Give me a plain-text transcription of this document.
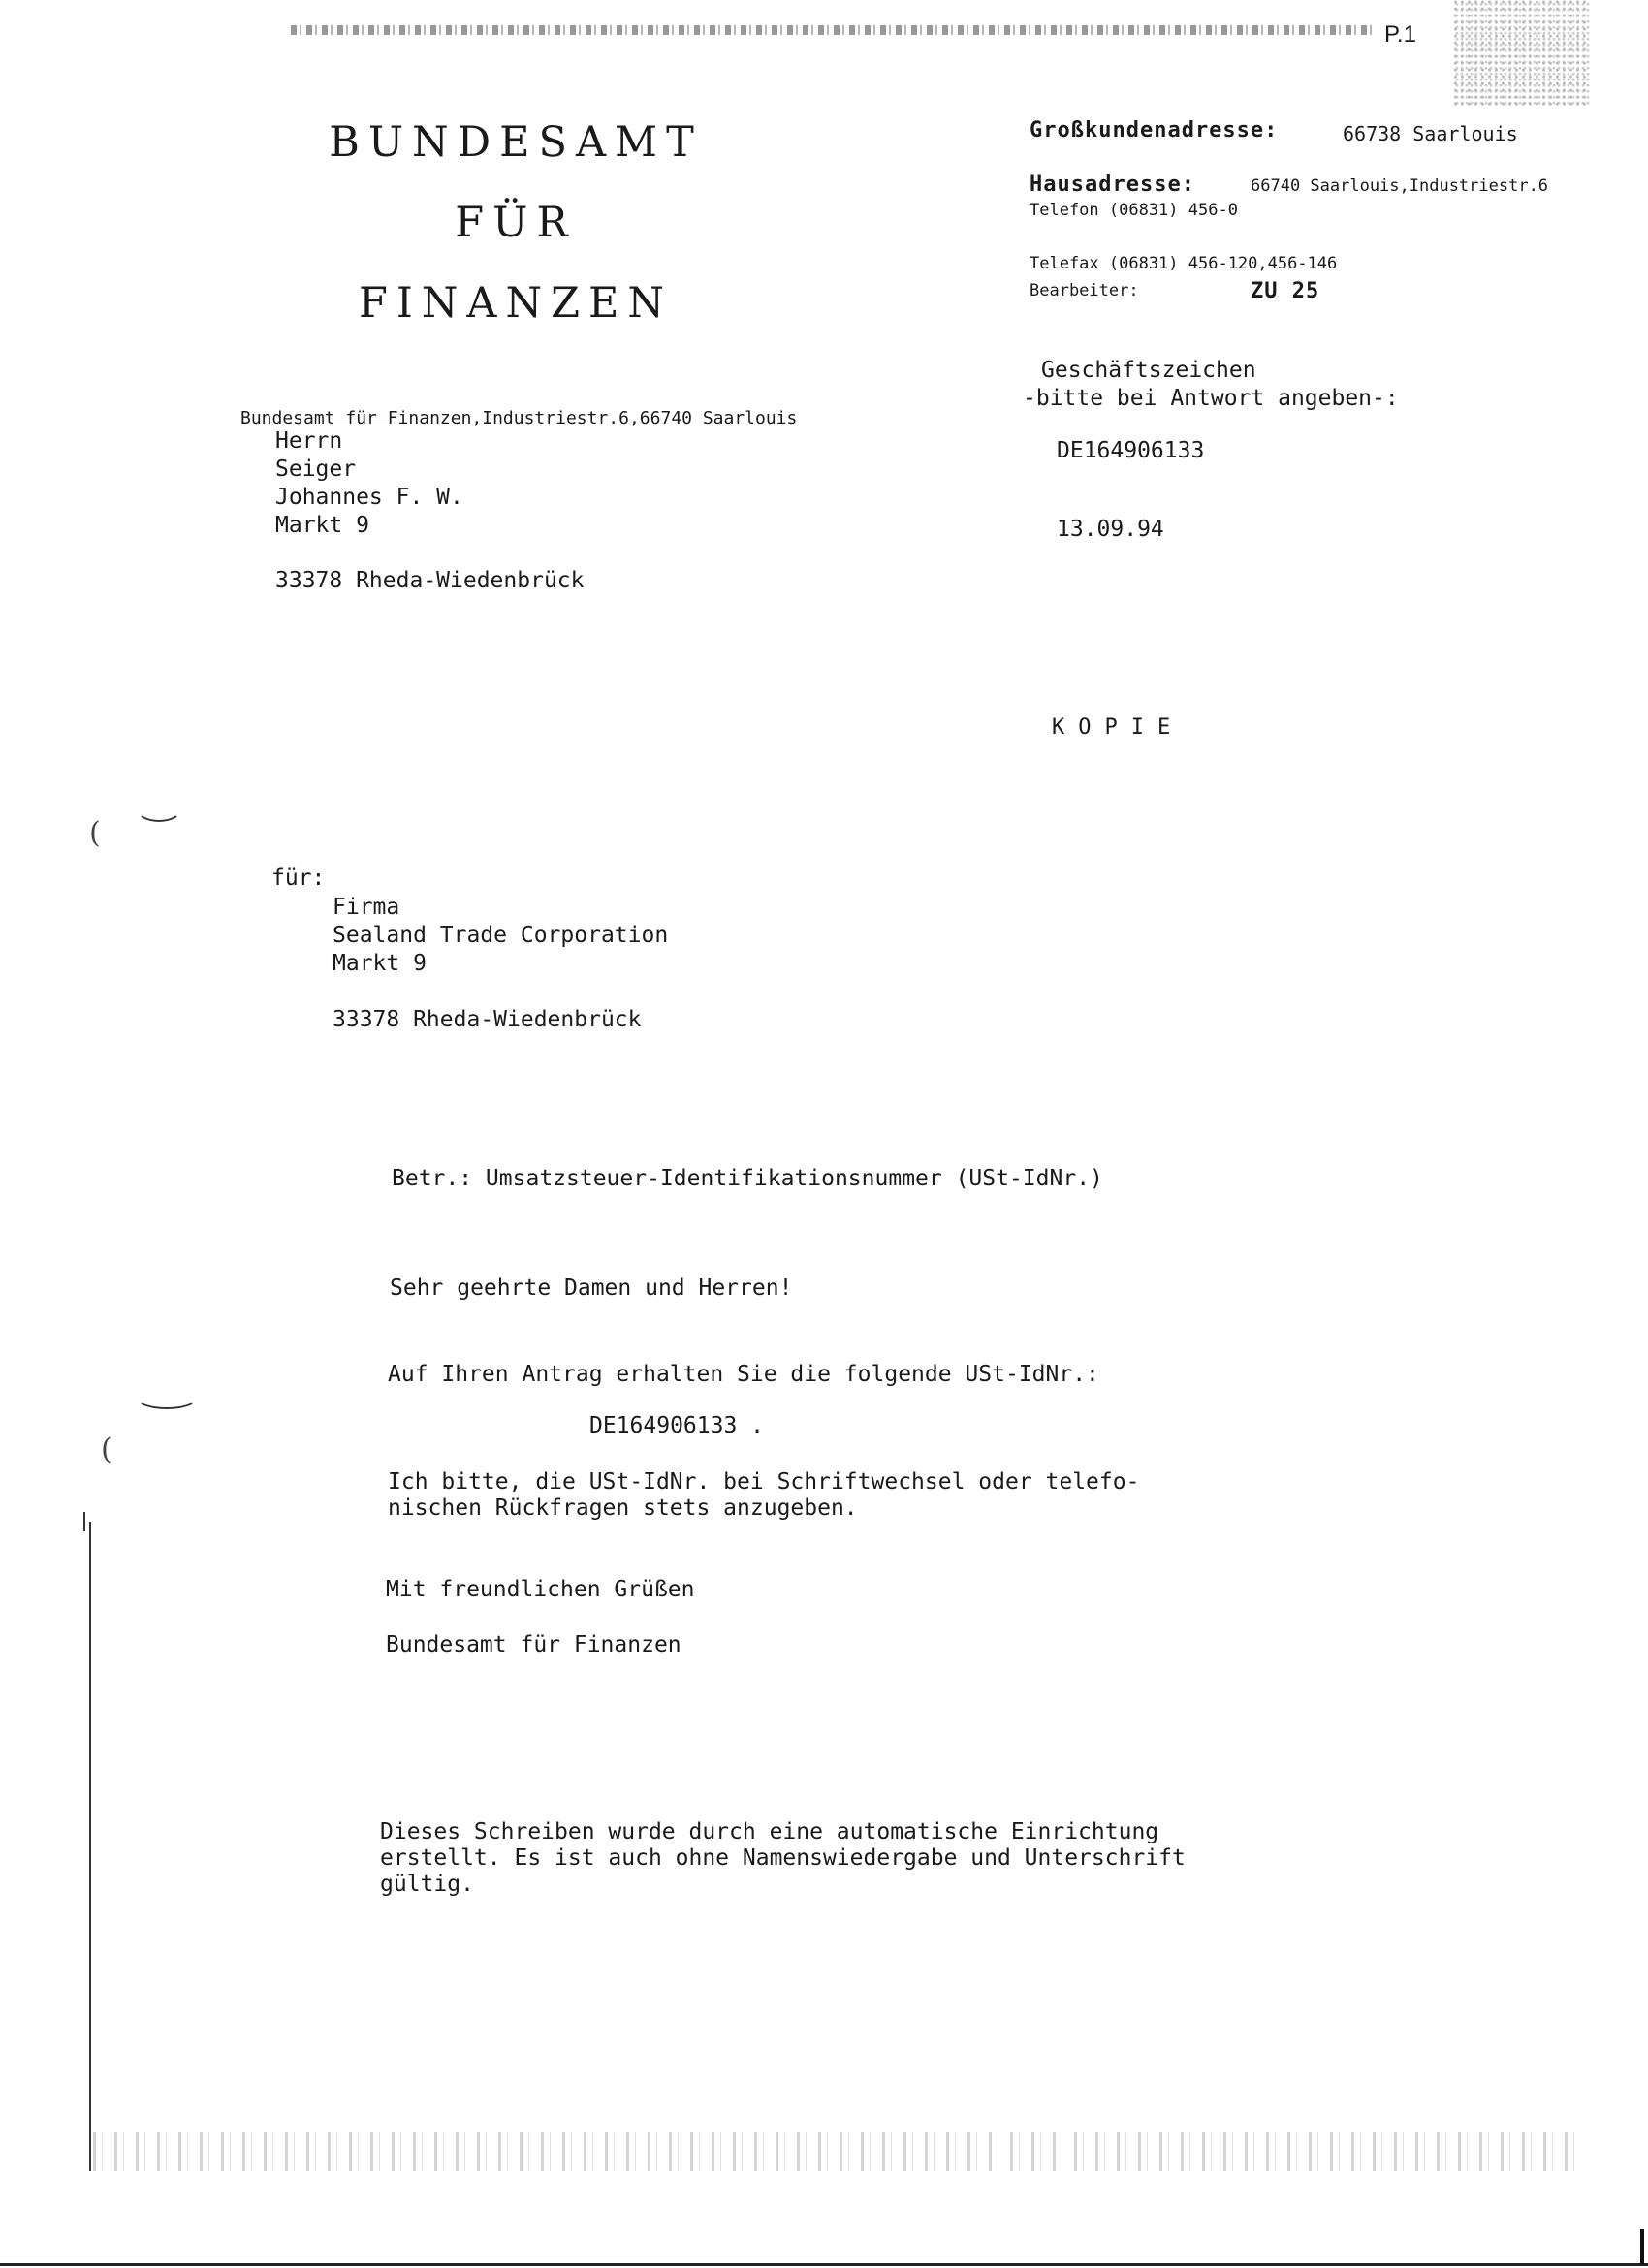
P.1
BUNDESAMT
FÜR
FINANZEN
Großkundenadresse:	66738 Saarlouis
Hausadresse:	66740 Saarlouis,Industriestr.6
Telefon (06831) 456-0
Telefax (06831) 456-120,456-146
Bearbeiter:	ZU 25
Geschäftszeichen
-bitte bei Antwort angeben-:
DE164906133
13.09.94
Bundesamt für Finanzen,Industriestr.6,66740 Saarlouis
Herrn
Seiger
Johannes F. W.
Markt 9
33378 Rheda-Wiedenbrück
KOPIE
für:
Firma
Sealand Trade Corporation
Markt 9
33378 Rheda-Wiedenbrück
Betr.: Umsatzsteuer-Identifikationsnummer (USt-IdNr.)
Sehr geehrte Damen und Herren!
Auf Ihren Antrag erhalten Sie die folgende USt-IdNr.:
DE164906133 .
Ich bitte, die USt-IdNr. bei Schriftwechsel oder telefo-
nischen Rückfragen stets anzugeben.
Mit freundlichen Grüßen
Bundesamt für Finanzen
Dieses Schreiben wurde durch eine automatische Einrichtung
erstellt. Es ist auch ohne Namenswiedergabe und Unterschrift
gültig.
(
(
